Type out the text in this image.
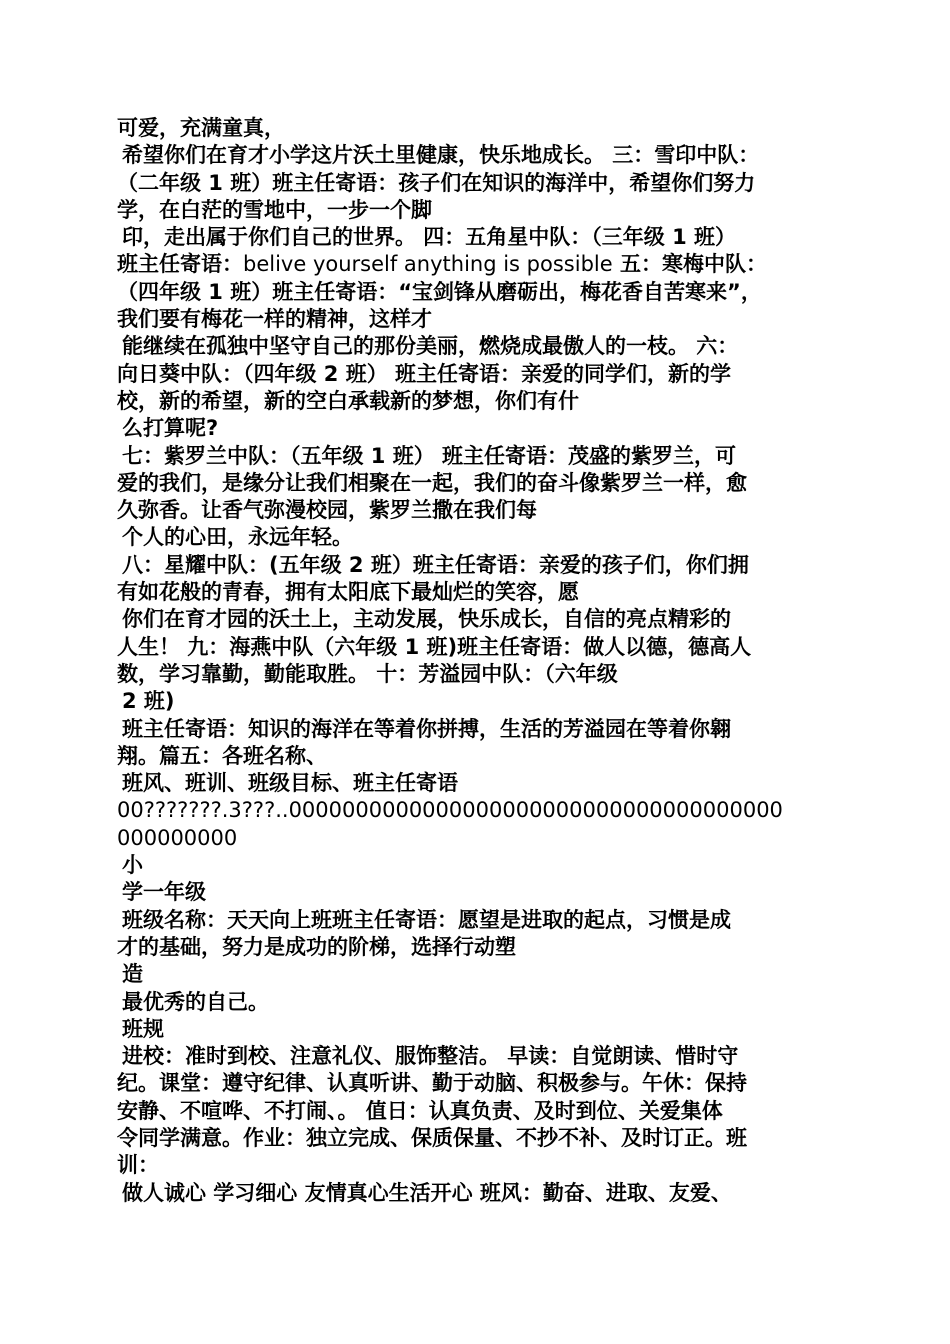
可爱，充满童真，
希望你们在育才小学这片沃土里健康，快乐地成长。 三：雪印中队：
（二年级 1 班）班主任寄语：孩子们在知识的海洋中，希望你们努力
学，在白茫的雪地中，一步一个脚
印，走出属于你们自己的世界。 四：五角星中队：（三年级 1 班）
班主任寄语：belive yourself anything is possible 五：寒梅中队：
（四年级 1 班）班主任寄语：“宝剑锋从磨砺出，梅花香自苦寒来”，
我们要有梅花一样的精神，这样才
能继续在孤独中坚守自己的那份美丽，燃烧成最傲人的一枝。 六：
向日葵中队：（四年级 2 班） 班主任寄语：亲爱的同学们，新的学
校，新的希望，新的空白承载新的梦想，你们有什
么打算呢?
七：紫罗兰中队：（五年级 1 班） 班主任寄语：茂盛的紫罗兰，可
爱的我们，是缘分让我们相聚在一起，我们的奋斗像紫罗兰一样，愈
久弥香。让香气弥漫校园，紫罗兰撒在我们每
个人的心田，永远年轻。
八：星耀中队：(五年级 2 班）班主任寄语：亲爱的孩子们，你们拥
有如花般的青春，拥有太阳底下最灿烂的笑容，愿
你们在育才园的沃土上，主动发展，快乐成长，自信的亮点精彩的
人生！ 九：海燕中队（六年级 1 班)班主任寄语：做人以德，德高人
数，学习靠勤，勤能取胜。 十：芳溢园中队：（六年级
2 班)
班主任寄语：知识的海洋在等着你拼搏，生活的芳溢园在等着你翱
翔。篇五：各班名称、
班风、班训、班级目标、班主任寄语
00???????.3???..0000000000000000000000000000000000000
000000000
小
学一年级
班级名称：天天向上班班主任寄语：愿望是进取的起点，习惯是成
才的基础，努力是成功的阶梯，选择行动塑
造
最优秀的自己。
班规
进校：准时到校、注意礼仪、服饰整洁。 早读：自觉朗读、惜时守
纪。课堂：遵守纪律、认真听讲、勤于动脑、积极参与。午休：保持
安静、不喧哗、不打闹、。 值日：认真负责、及时到位、关爱集体
令同学满意。作业：独立完成、保质保量、不抄不补、及时订正。班
训：
做人诚心 学习细心 友情真心生活开心 班风：勤奋、进取、友爱、
